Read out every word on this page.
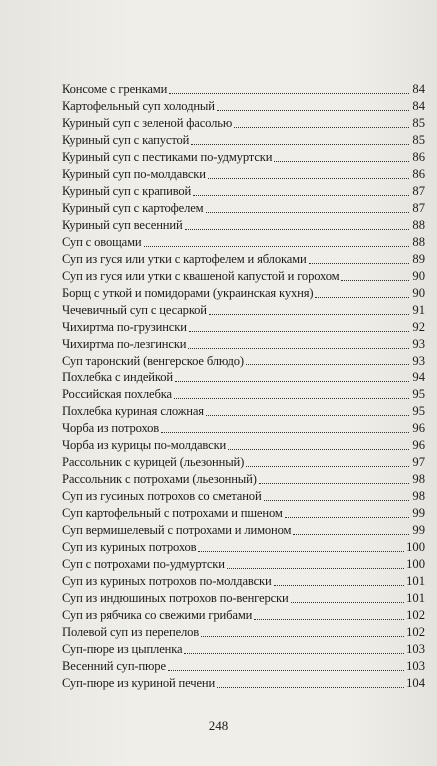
Консоме с гренками	84
Картофельный суп холодный	84
Куриный суп с зеленой фасолью	85
Куриный суп с капустой	85
Куриный суп с пестиками по-удмуртски	86
Куриный суп по-молдавски	86
Куриный суп с крапивой	87
Куриный суп с картофелем	87
Куриный суп весенний	88
Суп с овощами	88
Суп из гуся или утки с картофелем и яблоками	89
Суп из гуся или утки с квашеной капустой и горохом	90
Борщ с уткой и помидорами (украинская кухня)	90
Чечевичный суп с цесаркой	91
Чихиртма по-грузински	92
Чихиртма по-лезгински	93
Суп таронский (венгерское блюдо)	93
Похлебка с индейкой	94
Российская похлебка	95
Похлебка куриная сложная	95
Чорба из потрохов	96
Чорба из курицы по-молдавски	96
Рассольник с курицей (льезонный)	97
Рассольник с потрохами (льезонный)	98
Суп из гусиных потрохов со сметаной	98
Суп картофельный с потрохами и пшеном	99
Суп вермишелевый с потрохами и лимоном	99
Суп из куриных потрохов	100
Суп с потрохами по-удмуртски	100
Суп из куриных потрохов по-молдавски	101
Суп из индюшиных потрохов по-венгерски	101
Суп из рябчика со свежими грибами	102
Полевой суп из перепелов	102
Суп-пюре из цыпленка	103
Весенний суп-пюре	103
Суп-пюре из куриной печени	104
248
